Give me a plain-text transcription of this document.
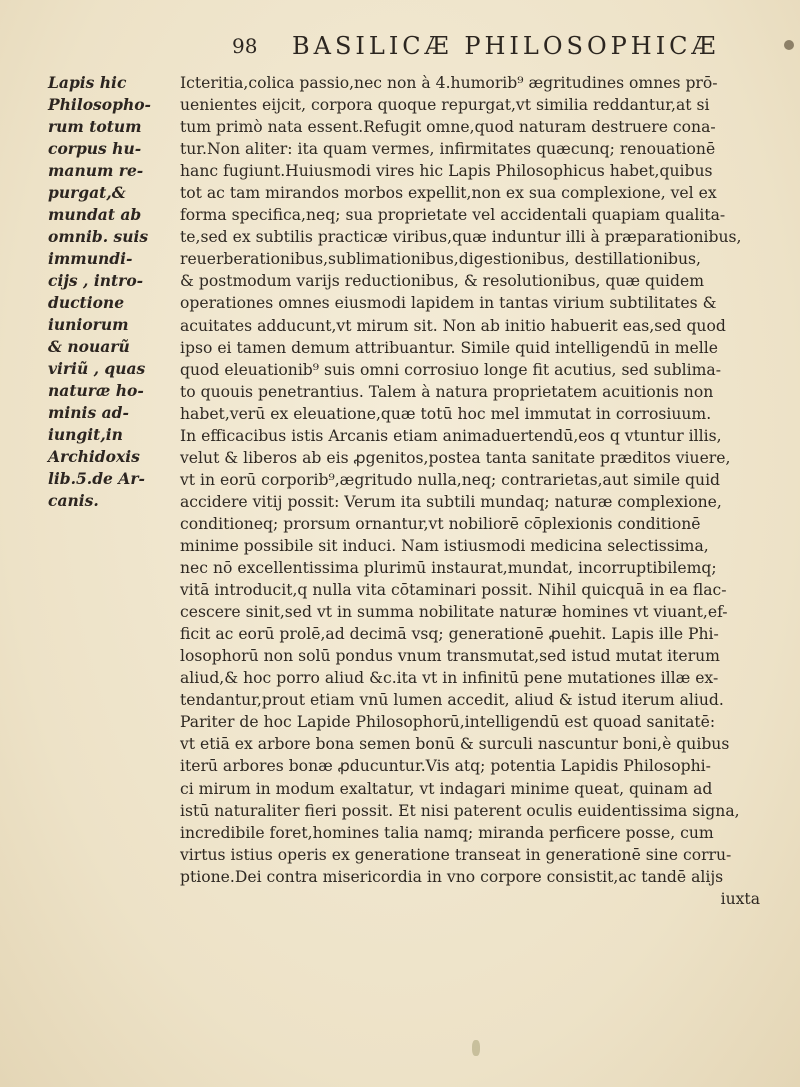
98 BASILICÆ PHILOSOPHICÆ
Lapis hic
Philosopho-
rum totum
corpus hu-
manum re-
purgat,&
mundat ab
omnib. suis
immundi-
cijs , intro-
ductione
iuniorum
& nouarũ
viriũ , quas
naturæ ho-
minis ad-
iungit,in
Archidoxis
lib.5.de Ar-
canis.
Icteritia,colica passio,nec non à 4.humorib⁹ ægritudines omnes prō-
uenientes eijcit, corpora quoque repurgat,vt similia reddantur,at si
tum primò nata essent.Refugit omne,quod naturam destruere cona-
tur.Non aliter: ita quam vermes, infirmitates quæcunq; renouationē
hanc fugiunt.Huiusmodi vires hic Lapis Philosophicus habet,quibus
tot ac tam mirandos morbos expellit,non ex sua complexione, vel ex
forma specifica,neq; sua proprietate vel accidentali quapiam qualita-
te,sed ex subtilis practicæ viribus,quæ induntur illi à præparationibus,
reuerberationibus,sublimationibus,digestionibus, destillationibus,
& postmodum varijs reductionibus, & resolutionibus, quæ quidem
operationes omnes eiusmodi lapidem in tantas virium subtilitates &
acuitates adducunt,vt mirum sit. Non ab initio habuerit eas,sed quod
ipso ei tamen demum attribuantur. Simile quid intelligendū in melle
quod eleuationib⁹ suis omni corrosiuo longe fit acutius, sed sublima-
to quouis penetrantius. Talem à natura proprietatem acuitionis non
habet,verū ex eleuatione,quæ totū hoc mel immutat in corrosiuum.
In efficacibus istis Arcanis etiam animaduertendū,eos q vtuntur illis,
velut & liberos ab eis ꝓgenitos,postea tanta sanitate præditos viuere,
vt in eorū corporib⁹,ægritudo nulla,neq; contrarietas,aut simile quid
accidere vitij possit: Verum ita subtili mundaq; naturæ complexione,
conditioneq; prorsum ornantur,vt nobiliorē cōplexionis conditionē
minime possibile sit induci. Nam istiusmodi medicina selectissima,
nec nō excellentissima plurimū instaurat,mundat, incorruptibilemq;
vitā introducit,q nulla vita cōtaminari possit. Nihil quicquā in ea flac-
cescere sinit,sed vt in summa nobilitate naturæ homines vt viuant,ef-
ficit ac eorū prolē,ad decimā vsq; generationē ꝓuehit. Lapis ille Phi-
losophorū non solū pondus vnum transmutat,sed istud mutat iterum
aliud,& hoc porro aliud &c.ita vt in infinitū pene mutationes illæ ex-
tendantur,prout etiam vnū lumen accedit, aliud & istud iterum aliud.
Pariter de hoc Lapide Philosophorū,intelligendū est quoad sanitatē:
vt etiā ex arbore bona semen bonū & surculi nascuntur boni,è quibus
iterū arbores bonæ ꝓducuntur.Vis atq; potentia Lapidis Philosophi-
ci mirum in modum exaltatur, vt indagari minime queat, quinam ad
istū naturaliter fieri possit. Et nisi paterent oculis euidentissima signa,
incredibile foret,homines talia namq; miranda perficere posse, cum
virtus istius operis ex generatione transeat in generationē sine corru-
ptione.Dei contra misericordia in vno corpore consistit,ac tandē alijs
iuxta
